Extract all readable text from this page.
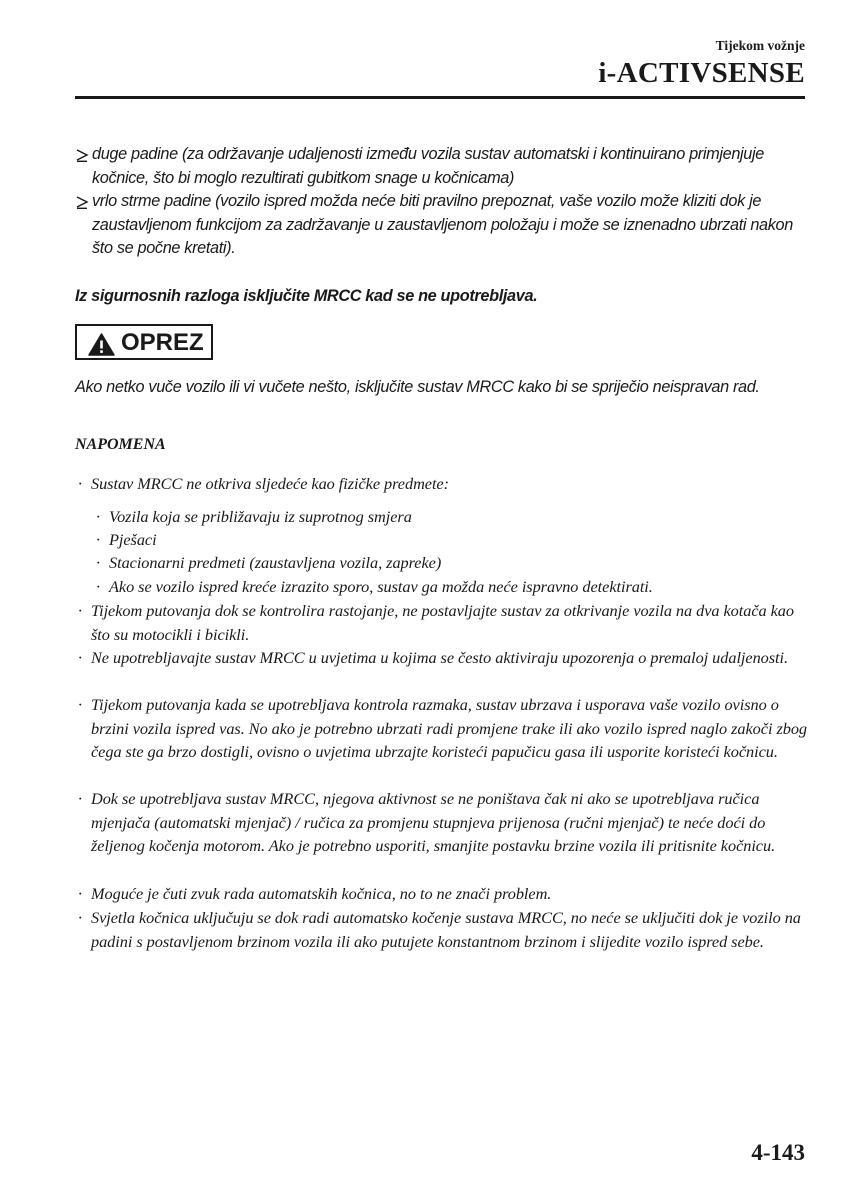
Tijekom vožnje
i-ACTIVSENSE
duge padine (za održavanje udaljenosti između vozila sustav automatski i kontinuirano primjenjuje kočnice, što bi moglo rezultirati gubitkom snage u kočnicama)
vrlo strme padine (vozilo ispred možda neće biti pravilno prepoznat, vaše vozilo može kliziti dok je zaustavljenom funkcijom za zadržavanje u zaustavljenom položaju i može se iznenadno ubrzati nakon što se počne kretati).
Iz sigurnosnih razloga isključite MRCC kad se ne upotrebljava.
OPREZ
Ako netko vuče vozilo ili vi vučete nešto, isključite sustav MRCC kako bi se spriječio neispravan rad.
NAPOMENA
· Sustav MRCC ne otkriva sljedeće kao fizičke predmete:
· Vozila koja se približavaju iz suprotnog smjera
· Pješaci
· Stacionarni predmeti (zaustavljena vozila, zapreke)
· Ako se vozilo ispred kreće izrazito sporo, sustav ga možda neće ispravno detektirati.
· Tijekom putovanja dok se kontrolira rastojanje, ne postavljajte sustav za otkrivanje vozila na dva kotača kao što su motocikli i bicikli.
· Ne upotrebljavajte sustav MRCC u uvjetima u kojima se često aktiviraju upozorenja o premaloj udaljenosti.
· Tijekom putovanja kada se upotrebljava kontrola razmaka, sustav ubrzava i usporava vaše vozilo ovisno o brzini vozila ispred vas. No ako je potrebno ubrzati radi promjene trake ili ako vozilo ispred naglo zakoči zbog čega ste ga brzo dostigli, ovisno o uvjetima ubrzajte koristeći papučicu gasa ili usporite koristeći kočnicu.
· Dok se upotrebljava sustav MRCC, njegova aktivnost se ne poništava čak ni ako se upotrebljava ručica mjenjača (automatski mjenjač) / ručica za promjenu stupnjeva prijenosa (ručni mjenjač) te neće doći do željenog kočenja motorom. Ako je potrebno usporiti, smanjite postavku brzine vozila ili pritisnite kočnicu.
· Moguće je čuti zvuk rada automatskih kočnica, no to ne znači problem.
· Svjetla kočnica uključuju se dok radi automatsko kočenje sustava MRCC, no neće se uključiti dok je vozilo na padini s postavljenom brzinom vozila ili ako putujete konstantnom brzinom i slijedite vozilo ispred sebe.
4-143
